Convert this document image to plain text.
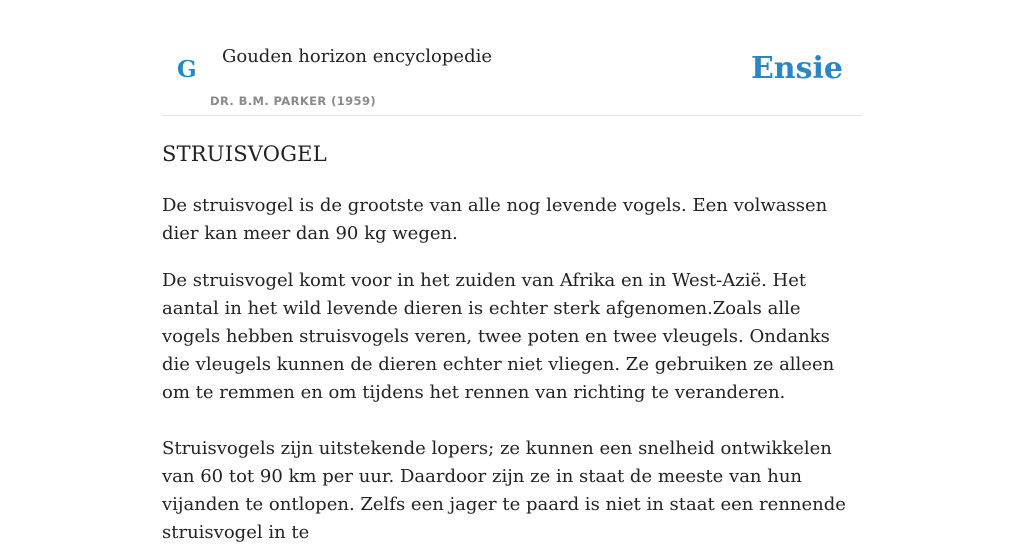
G Gouden horizon encyclopedie
DR. B.M. PARKER (1959)
Ensie
STRUISVOGEL

De struisvogel is de grootste van alle nog levende vogels. Een volwassen dier kan meer dan 90 kg wegen.

De struisvogel komt voor in het zuiden van Afrika en in West-Azië. Het aantal in het wild levende dieren is echter sterk afgenomen.Zoals alle vogels hebben struisvogels veren, twee poten en twee vleugels. Ondanks die vleugels kunnen de dieren echter niet vliegen. Ze gebruiken ze alleen om te remmen en om tijdens het rennen van richting te veranderen.

Struisvogels zijn uitstekende lopers; ze kunnen een snelheid ontwikkelen van 60 tot 90 km per uur. Daardoor zijn ze in staat de meeste van hun vijanden te ontlopen. Zelfs een jager te paard is niet in staat een rennende struisvogel in te
